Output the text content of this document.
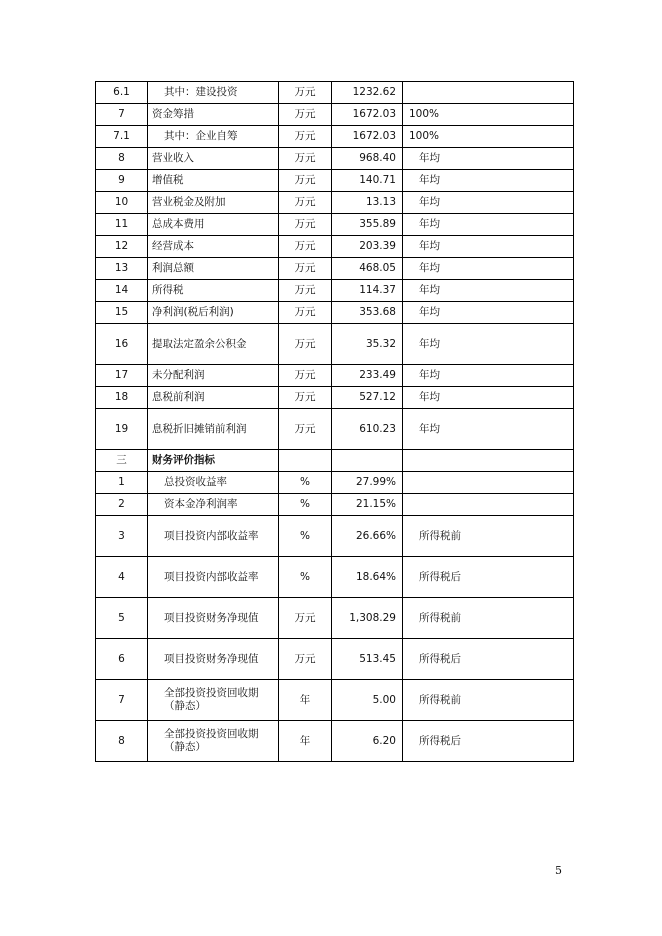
6.1	其中：建设投资	万元	1232.62	
7	资金筹措	万元	1672.03	100%
7.1	其中：企业自筹	万元	1672.03	100%
8	营业收入	万元	968.40	年均
9	增值税	万元	140.71	年均
10	营业税金及附加	万元	13.13	年均
11	总成本费用	万元	355.89	年均
12	经营成本	万元	203.39	年均
13	利润总额	万元	468.05	年均
14	所得税	万元	114.37	年均
15	净利润(税后利润)	万元	353.68	年均
16	提取法定盈余公积金	万元	35.32	年均
17	未分配利润	万元	233.49	年均
18	息税前利润	万元	527.12	年均
19	息税折旧摊销前利润	万元	610.23	年均
三	财务评价指标			
1	总投资收益率	%	27.99%	
2	资本金净利润率	%	21.15%	
3	项目投资内部收益率	%	26.66%	所得税前
4	项目投资内部收益率	%	18.64%	所得税后
5	项目投资财务净现值	万元	1,308.29	所得税前
6	项目投资财务净现值	万元	513.45	所得税后
7	全部投资投资回收期（静态）	年	5.00	所得税前
8	全部投资投资回收期（静态）	年	6.20	所得税后
5
